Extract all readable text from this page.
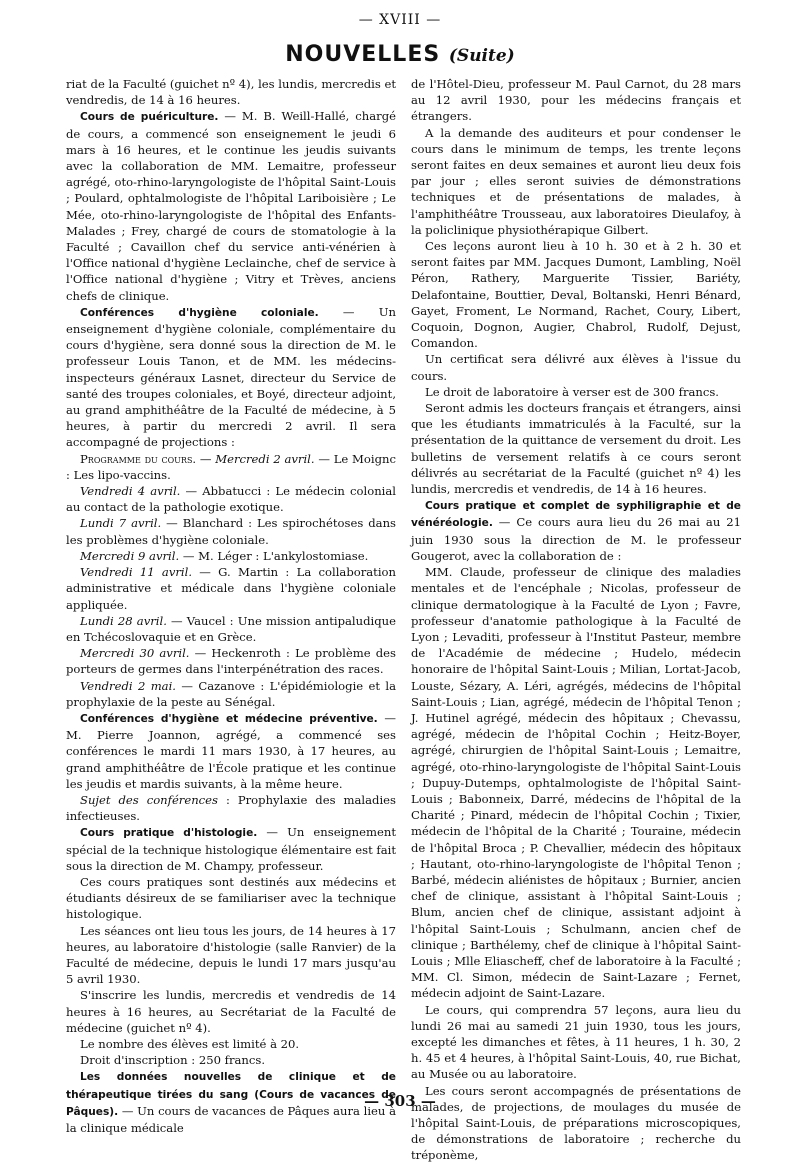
— XVIII —
NOUVELLES (Suite)

riat de la Faculté (guichet nº 4), les lundis, mercredis et vendredis, de 14 à 16 heures.

Cours de puériculture. — M. B. Weill-Hallé, chargé de cours, a commencé son enseignement le jeudi 6 mars à 16 heures, et le continue les jeudis suivants avec la collaboration de MM. Lemaitre, professeur agrégé, oto-rhino-laryngologiste de l'hôpital Saint-Louis ; Poulard, ophtalmologiste de l'hôpital Lariboisière ; Le Mée, oto-rhino-laryngologiste de l'hôpital des Enfants-Malades ; Frey, chargé de cours de stomatologie à la Faculté ; Cavaillon chef du service anti-vénérien à l'Office national d'hygiène Leclainche, chef de service à l'Office national d'hygiène ; Vitry et Trèves, anciens chefs de clinique.

Conférences d'hygiène coloniale. — Un enseignement d'hygiène coloniale, complémentaire du cours d'hygiène, sera donné sous la direction de M. le professeur Louis Tanon, et de MM. les médecins-inspecteurs généraux Lasnet, directeur du Service de santé des troupes coloniales, et Boyé, directeur adjoint, au grand amphithéâtre de la Faculté de médecine, à 5 heures, à partir du mercredi 2 avril. Il sera accompagné de projections :

Programme du cours. — Mercredi 2 avril. — Le Moignc : Les lipo-vaccins.

Vendredi 4 avril. — Abbatucci : Le médecin colonial au contact de la pathologie exotique.

Lundi 7 avril. — Blanchard : Les spirochétoses dans les problèmes d'hygiène coloniale.

Mercredi 9 avril. — M. Léger : L'ankylostomiase.

Vendredi 11 avril. — G. Martin : La collaboration administrative et médicale dans l'hygiène coloniale appliquée.

Lundi 28 avril. — Vaucel : Une mission antipaludique en Tchécoslovaquie et en Grèce.

Mercredi 30 avril. — Heckenroth : Le problème des porteurs de germes dans l'interpénétration des races.

Vendredi 2 mai. — Cazanove : L'épidémiologie et la prophylaxie de la peste au Sénégal.

Conférences d'hygiène et médecine préventive. — M. Pierre Joannon, agrégé, a commencé ses conférences le mardi 11 mars 1930, à 17 heures, au grand amphithéâtre de l'École pratique et les continue les jeudis et mardis suivants, à la même heure.

Sujet des conférences : Prophylaxie des maladies infectieuses.

Cours pratique d'histologie. — Un enseignement spécial de la technique histologique élémentaire est fait sous la direction de M. Champy, professeur.

Ces cours pratiques sont destinés aux médecins et étudiants désireux de se familiariser avec la technique histologique.

Les séances ont lieu tous les jours, de 14 heures à 17 heures, au laboratoire d'histologie (salle Ranvier) de la Faculté de médecine, depuis le lundi 17 mars jusqu'au 5 avril 1930.

S'inscrire les lundis, mercredis et vendredis de 14 heures à 16 heures, au Secrétariat de la Faculté de médecine (guichet nº 4).

Le nombre des élèves est limité à 20.

Droit d'inscription : 250 francs.

Les données nouvelles de clinique et de thérapeutique tirées du sang (Cours de vacances de Pâques). — Un cours de vacances de Pâques aura lieu à la clinique médicale

de l'Hôtel-Dieu, professeur M. Paul Carnot, du 28 mars au 12 avril 1930, pour les médecins français et étrangers.

A la demande des auditeurs et pour condenser le cours dans le minimum de temps, les trente leçons seront faites en deux semaines et auront lieu deux fois par jour ; elles seront suivies de démonstrations techniques et de présentations de malades, à l'amphithéâtre Trousseau, aux laboratoires Dieulafoy, à la policlinique physiothérapique Gilbert.

Ces leçons auront lieu à 10 h. 30 et à 2 h. 30 et seront faites par MM. Jacques Dumont, Lambling, Noël Péron, Rathery, Marguerite Tissier, Bariéty, Delafontaine, Bouttier, Deval, Boltanski, Henri Bénard, Gayet, Froment, Le Normand, Rachet, Coury, Libert, Coquoin, Dognon, Augier, Chabrol, Rudolf, Dejust, Comandon.

Un certificat sera délivré aux élèves à l'issue du cours.

Le droit de laboratoire à verser est de 300 francs.

Seront admis les docteurs français et étrangers, ainsi que les étudiants immatriculés à la Faculté, sur la présentation de la quittance de versement du droit. Les bulletins de versement relatifs à ce cours seront délivrés au secrétariat de la Faculté (guichet nº 4) les lundis, mercredis et vendredis, de 14 à 16 heures.

Cours pratique et complet de syphiligraphie et de vénéréologie. — Ce cours aura lieu du 26 mai au 21 juin 1930 sous la direction de M. le professeur Gougerot, avec la collaboration de :

MM. Claude, professeur de clinique des maladies mentales et de l'encéphale ; Nicolas, professeur de clinique dermatologique à la Faculté de Lyon ; Favre, professeur d'anatomie pathologique à la Faculté de Lyon ; Levaditi, professeur à l'Institut Pasteur, membre de l'Académie de médecine ; Hudelo, médecin honoraire de l'hôpital Saint-Louis ; Milian, Lortat-Jacob, Louste, Sézary, A. Léri, agrégés, médecins de l'hôpital Saint-Louis ; Lian, agrégé, médecin de l'hôpital Tenon ; J. Hutinel agrégé, médecin des hôpitaux ; Chevassu, agrégé, médecin de l'hôpital Cochin ; Heitz-Boyer, agrégé, chirurgien de l'hôpital Saint-Louis ; Lemaitre, agrégé, oto-rhino-laryngologiste de l'hôpital Saint-Louis ; Dupuy-Dutemps, ophtalmologiste de l'hôpital Saint-Louis ; Babonneix, Darré, médecins de l'hôpital de la Charité ; Pinard, médecin de l'hôpital Cochin ; Tixier, médecin de l'hôpital de la Charité ; Touraine, médecin de l'hôpital Broca ; P. Chevallier, médecin des hôpitaux ; Hautant, oto-rhino-laryngologiste de l'hôpital Tenon ; Barbé, médecin aliénistes de hôpitaux ; Burnier, ancien chef de clinique, assistant à l'hôpital Saint-Louis ; Blum, ancien chef de clinique, assistant adjoint à l'hôpital Saint-Louis ; Schulmann, ancien chef de clinique ; Barthélemy, chef de clinique à l'hôpital Saint-Louis ; Mlle Eliascheff, chef de laboratoire à la Faculté ; MM. Cl. Simon, médecin de Saint-Lazare ; Fernet, médecin adjoint de Saint-Lazare.

Le cours, qui comprendra 57 leçons, aura lieu du lundi 26 mai au samedi 21 juin 1930, tous les jours, excepté les dimanches et fêtes, à 11 heures, 1 h. 30, 2 h. 45 et 4 heures, à l'hôpital Saint-Louis, 40, rue Bichat, au Musée ou au laboratoire.

Les cours seront accompagnés de présentations de malades, de projections, de moulages du musée de l'hôpital Saint-Louis, de préparations microscopiques, de démonstrations de laboratoire ; recherche du tréponème,

— 303 —
